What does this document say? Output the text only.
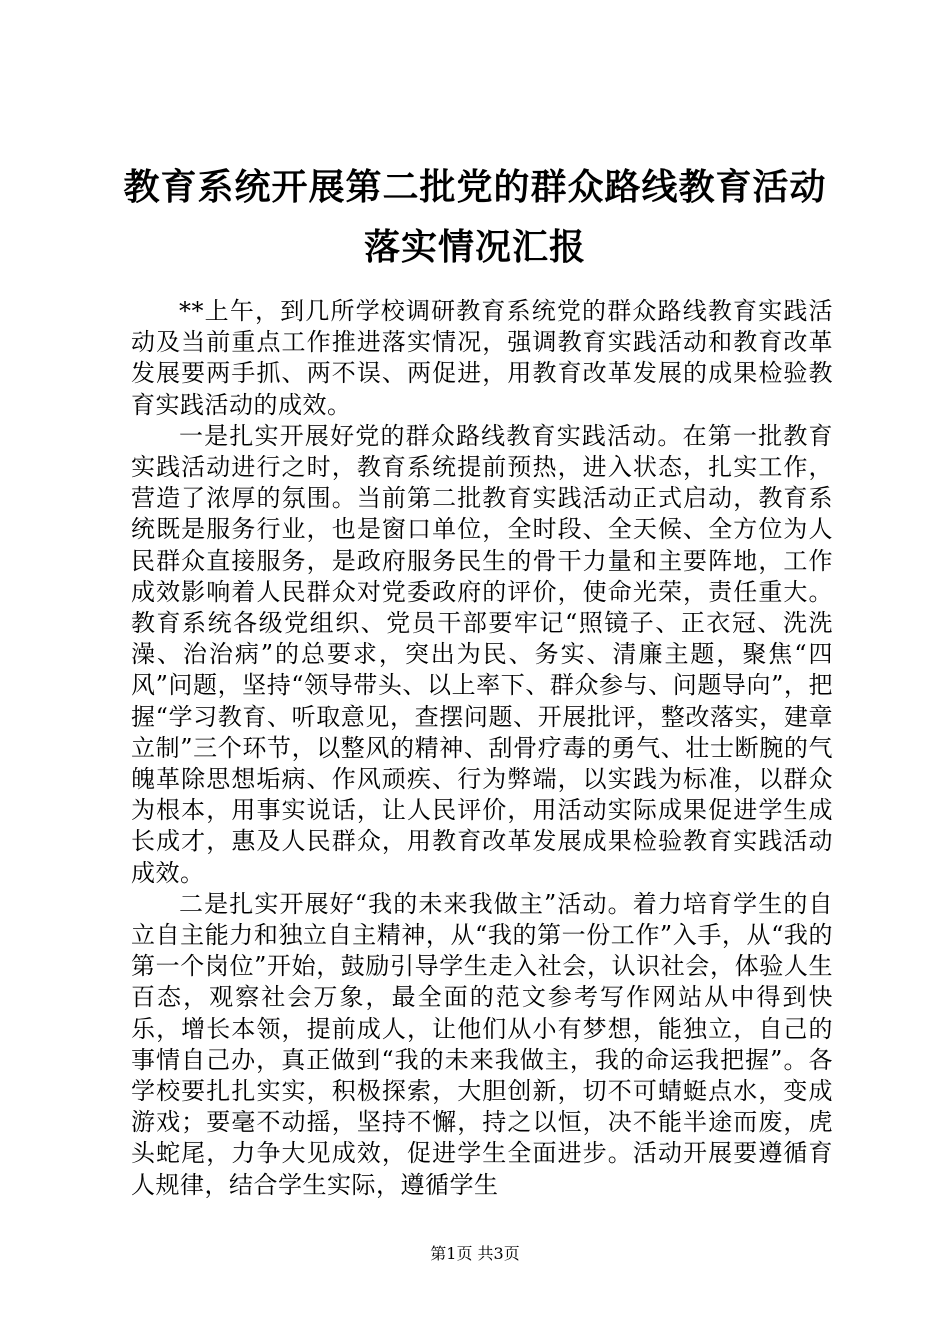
教育系统开展第二批党的群众路线教育活动落实情况汇报

**上午，到几所学校调研教育系统党的群众路线教育实践活动及当前重点工作推进落实情况，强调教育实践活动和教育改革发展要两手抓、两不误、两促进，用教育改革发展的成果检验教育实践活动的成效。

一是扎实开展好党的群众路线教育实践活动。在第一批教育实践活动进行之时，教育系统提前预热，进入状态，扎实工作，营造了浓厚的氛围。当前第二批教育实践活动正式启动，教育系统既是服务行业，也是窗口单位，全时段、全天候、全方位为人民群众直接服务，是政府服务民生的骨干力量和主要阵地，工作成效影响着人民群众对党委政府的评价，使命光荣，责任重大。教育系统各级党组织、党员干部要牢记“照镜子、正衣冠、洗洗澡、治治病”的总要求，突出为民、务实、清廉主题，聚焦“四风”问题，坚持“领导带头、以上率下、群众参与、问题导向”，把握“学习教育、听取意见，查摆问题、开展批评，整改落实，建章立制”三个环节，以整风的精神、刮骨疗毒的勇气、壮士断腕的气魄革除思想垢病、作风顽疾、行为弊端，以实践为标准，以群众为根本，用事实说话，让人民评价，用活动实际成果促进学生成长成才，惠及人民群众，用教育改革发展成果检验教育实践活动成效。

二是扎实开展好“我的未来我做主”活动。着力培育学生的自立自主能力和独立自主精神，从“我的第一份工作”入手，从“我的第一个岗位”开始，鼓励引导学生走入社会，认识社会，体验人生百态，观察社会万象，最全面的范文参考写作网站从中得到快乐，增长本领，提前成人，让他们从小有梦想，能独立，自己的事情自己办，真正做到“我的未来我做主，我的命运我把握”。各学校要扎扎实实，积极探索，大胆创新，切不可蜻蜓点水，变成游戏；要毫不动摇，坚持不懈，持之以恒，决不能半途而废，虎头蛇尾，力争大见成效，促进学生全面进步。活动开展要遵循育人规律，结合学生实际，遵循学生

第1页 共3页
